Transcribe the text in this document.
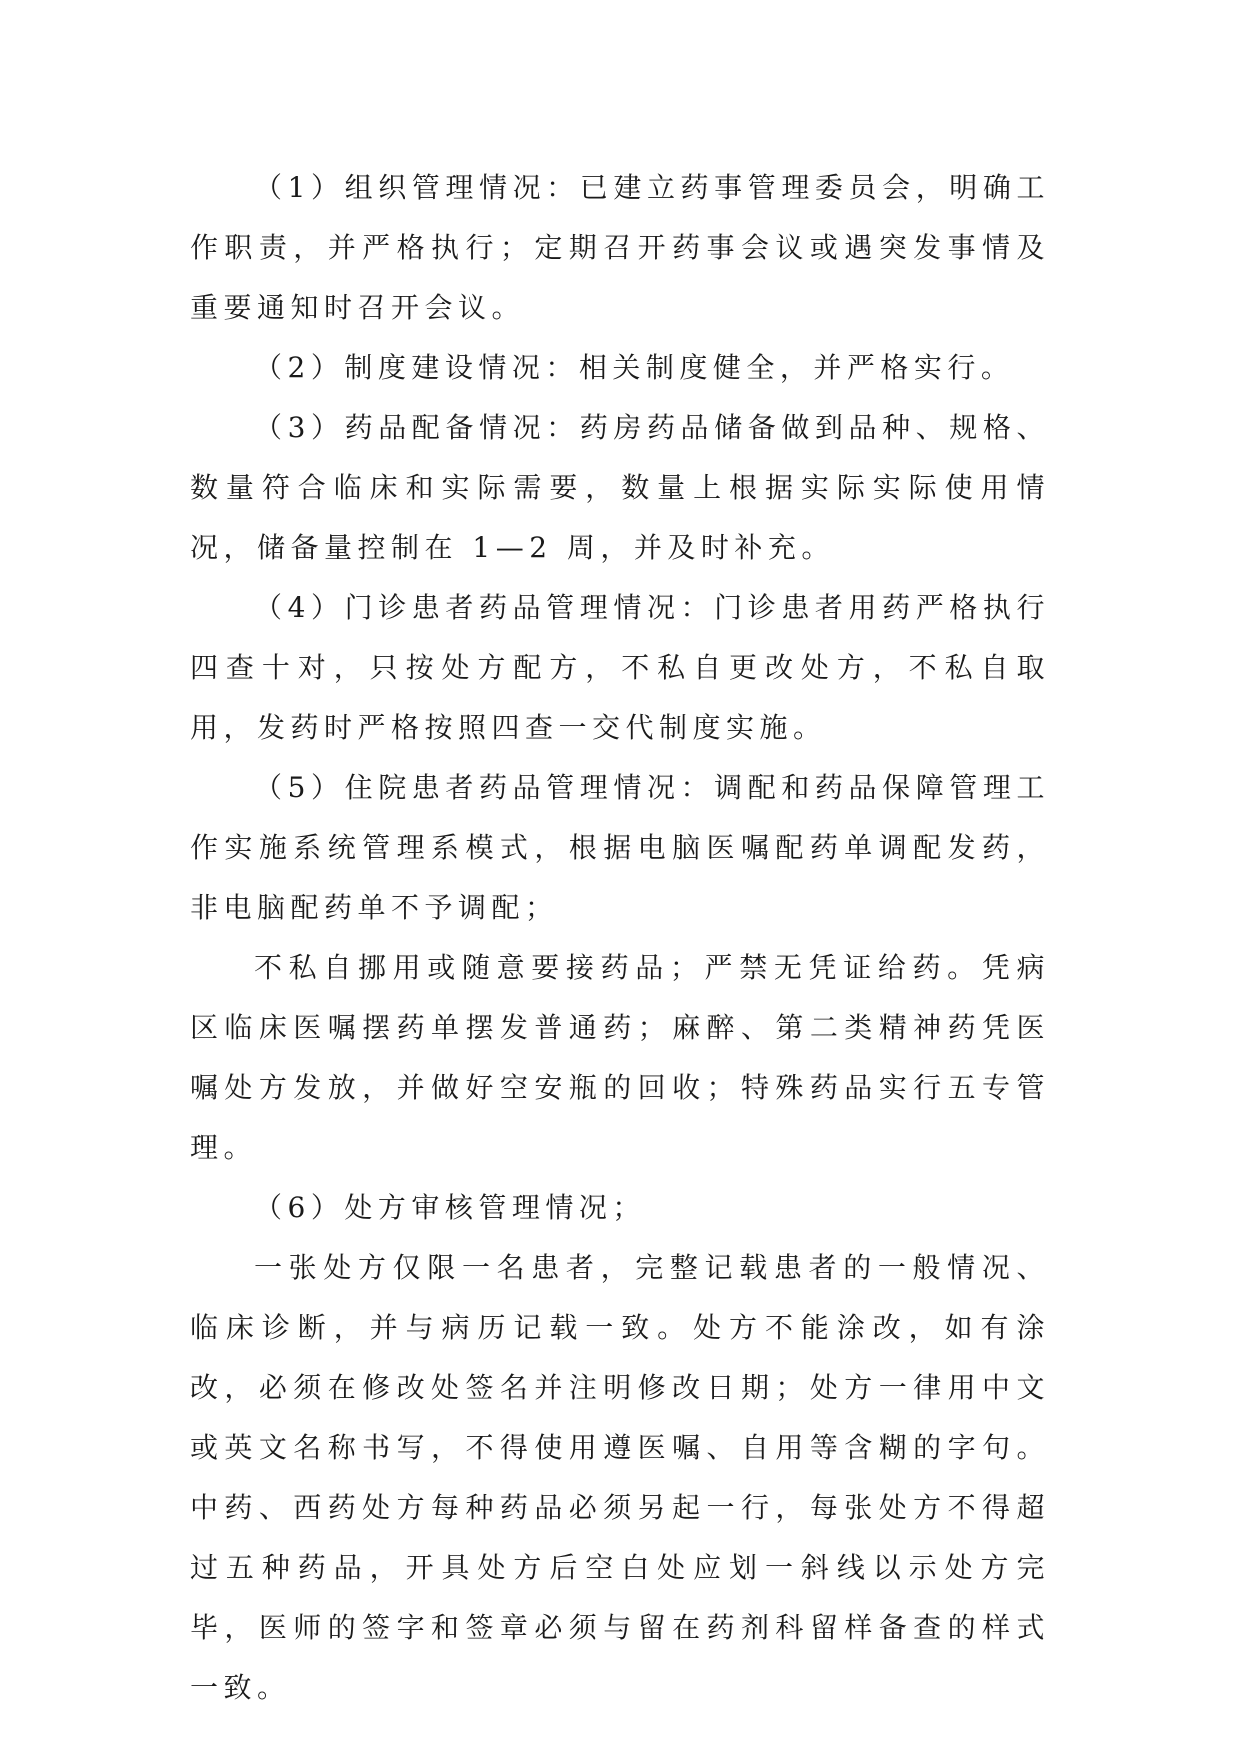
（1）组织管理情况：已建立药事管理委员会，明确工作职责，并严格执行；定期召开药事会议或遇突发事情及重要通知时召开会议。

（2）制度建设情况：相关制度健全，并严格实行。

（3）药品配备情况：药房药品储备做到品种、规格、数量符合临床和实际需要，数量上根据实际实际使用情况，储备量控制在 1—2 周，并及时补充。

（4）门诊患者药品管理情况：门诊患者用药严格执行四查十对，只按处方配方，不私自更改处方，不私自取用，发药时严格按照四查一交代制度实施。

（5）住院患者药品管理情况：调配和药品保障管理工作实施系统管理系模式，根据电脑医嘱配药单调配发药，非电脑配药单不予调配；

不私自挪用或随意要接药品；严禁无凭证给药。凭病区临床医嘱摆药单摆发普通药；麻醉、第二类精神药凭医嘱处方发放，并做好空安瓶的回收；特殊药品实行五专管理。

（6）处方审核管理情况；

一张处方仅限一名患者，完整记载患者的一般情况、临床诊断，并与病历记载一致。处方不能涂改，如有涂改，必须在修改处签名并注明修改日期；处方一律用中文或英文名称书写，不得使用遵医嘱、自用等含糊的字句。中药、西药处方每种药品必须另起一行，每张处方不得超过五种药品，开具处方后空白处应划一斜线以示处方完毕，医师的签字和签章必须与留在药剂科留样备查的样式一致。
